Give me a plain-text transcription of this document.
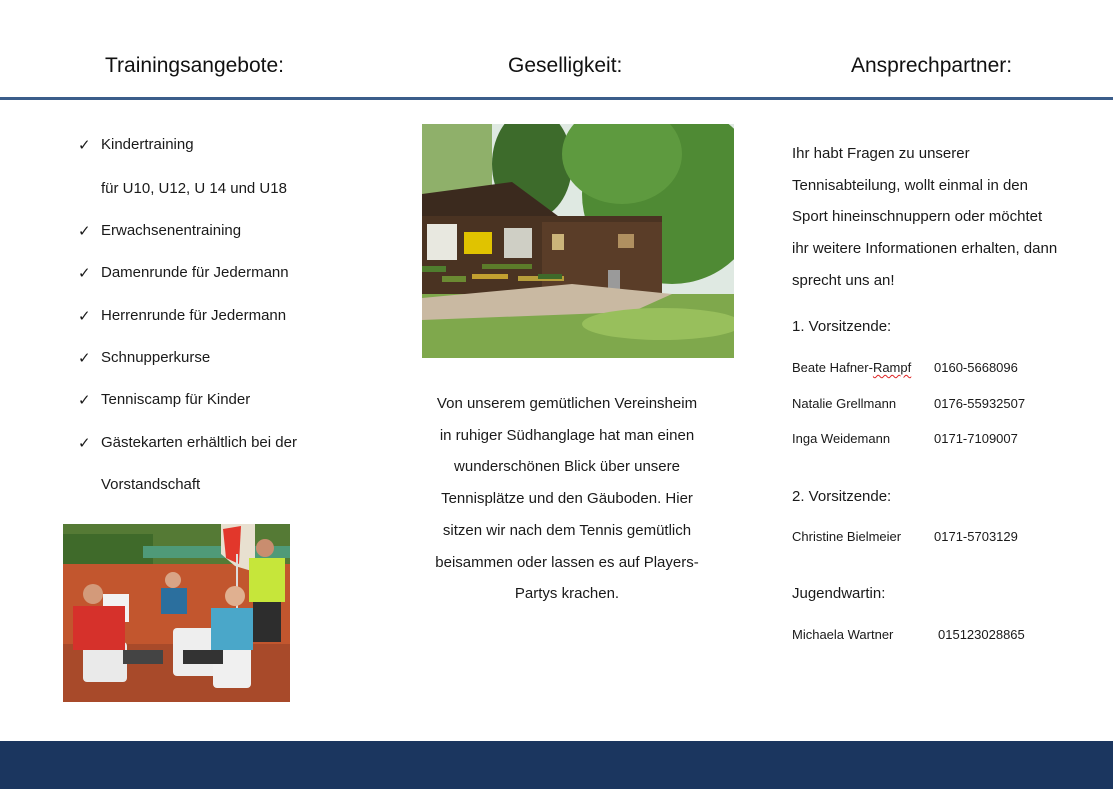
Trainingsangebote:	Geselligkeit:	Ansprechpartner:
✓ Kindertraining
für U10, U12, U 14 und U18
✓ Erwachsenentraining
✓ Damenrunde für Jedermann
✓ Herrenrunde für Jedermann
✓ Schnupperkurse
✓ Tenniscamp für Kinder
✓ Gästekarten erhältlich bei der
Vorstandschaft
Von unserem gemütlichen Vereinsheim
in ruhiger Südhanglage hat man einen
wunderschönen Blick über unsere
Tennisplätze und den Gäuboden. Hier
sitzen wir nach dem Tennis gemütlich
beisammen oder lassen es auf Players-
Partys krachen.
Ihr habt Fragen zu unserer
Tennisabteilung, wollt einmal in den
Sport hineinschnuppern oder möchtet
ihr weitere Informationen erhalten, dann
sprecht uns an!
1. Vorsitzende:
Beate Hafner-Rampf 0160-5668096
Natalie Grellmann	0176-55932507
Inga Weidemann	0171-7109007
2. Vorsitzende:
Christine Bielmeier	0171-5703129
Jugendwartin:
Michaela Wartner	015123028865
